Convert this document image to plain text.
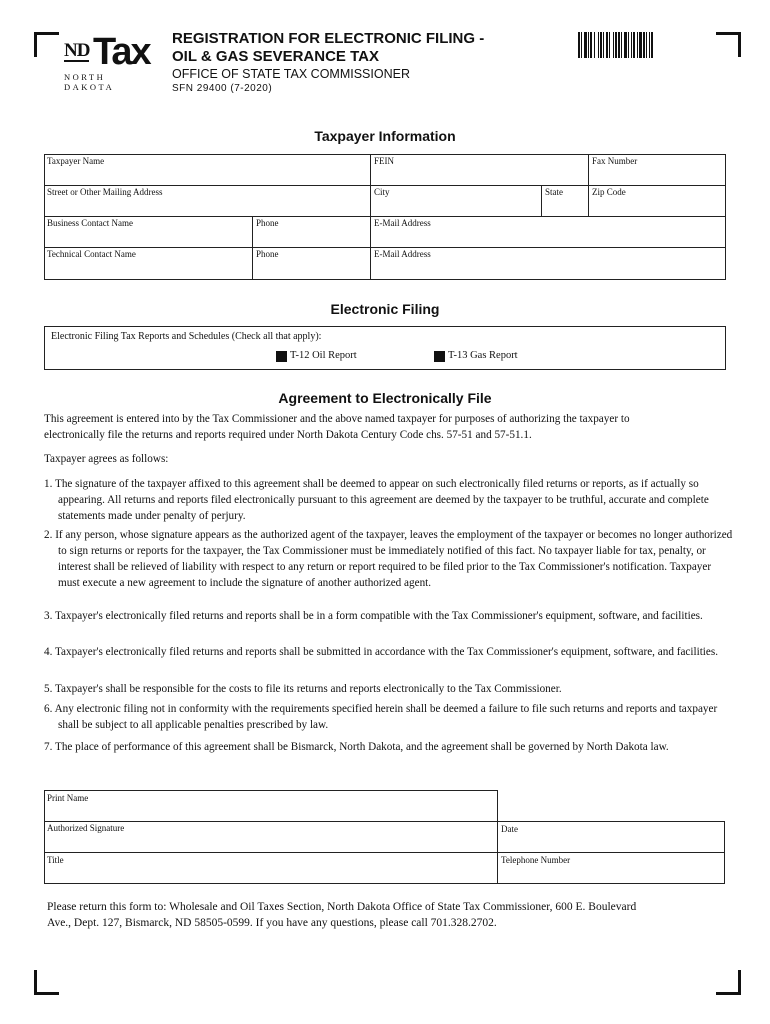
ND Tax
NORTH DAKOTA
REGISTRATION FOR ELECTRONIC FILING -
OIL & GAS SEVERANCE TAX
OFFICE OF STATE TAX COMMISSIONER
SFN 29400 (7-2020)
Taxpayer Information
Taxpayer Name	FEIN	Fax Number
Street or Other Mailing Address	City	State	Zip Code
Business Contact Name	Phone	E-Mail Address
Technical Contact Name	Phone	E-Mail Address
Electronic Filing
Electronic Filing Tax Reports and Schedules (Check all that apply):
T-12 Oil Report	T-13 Gas Report
Agreement to Electronically File
This agreement is entered into by the Tax Commissioner and the above named taxpayer for purposes of authorizing the taxpayer to
electronically file the returns and reports required under North Dakota Century Code chs. 57-51 and 57-51.1.
Taxpayer agrees as follows:
1. The signature of the taxpayer affixed to this agreement shall be deemed to appear on such electronically filed returns or reports, as if actually so appearing. All returns and reports filed electronically pursuant to this agreement are deemed by the taxpayer to be truthful, accurate and complete statements made under penalty of perjury.
2. If any person, whose signature appears as the authorized agent of the taxpayer, leaves the employment of the taxpayer or becomes no longer authorized to sign returns or reports for the taxpayer, the Tax Commissioner must be immediately notified of this fact. No taxpayer liable for tax, penalty, or interest shall be relieved of liability with respect to any return or report required to be filed prior to the Tax Commissioner's notification. Taxpayer must execute a new agreement to include the signature of another authorized agent.
3. Taxpayer's electronically filed returns and reports shall be in a form compatible with the Tax Commissioner's equipment, software, and facilities.
4. Taxpayer's electronically filed returns and reports shall be submitted in accordance with the Tax Commissioner's equipment, software, and facilities.
5. Taxpayer's shall be responsible for the costs to file its returns and reports electronically to the Tax Commissioner.
6. Any electronic filing not in conformity with the requirements specified herein shall be deemed a failure to file such returns and reports and taxpayer shall be subject to all applicable penalties prescribed by law.
7. The place of performance of this agreement shall be Bismarck, North Dakota, and the agreement shall be governed by North Dakota law.
Print Name
Authorized Signature	Date
Title	Telephone Number
Please return this form to: Wholesale and Oil Taxes Section, North Dakota Office of State Tax Commissioner, 600 E. Boulevard
Ave., Dept. 127, Bismarck, ND 58505-0599. If you have any questions, please call 701.328.2702.
